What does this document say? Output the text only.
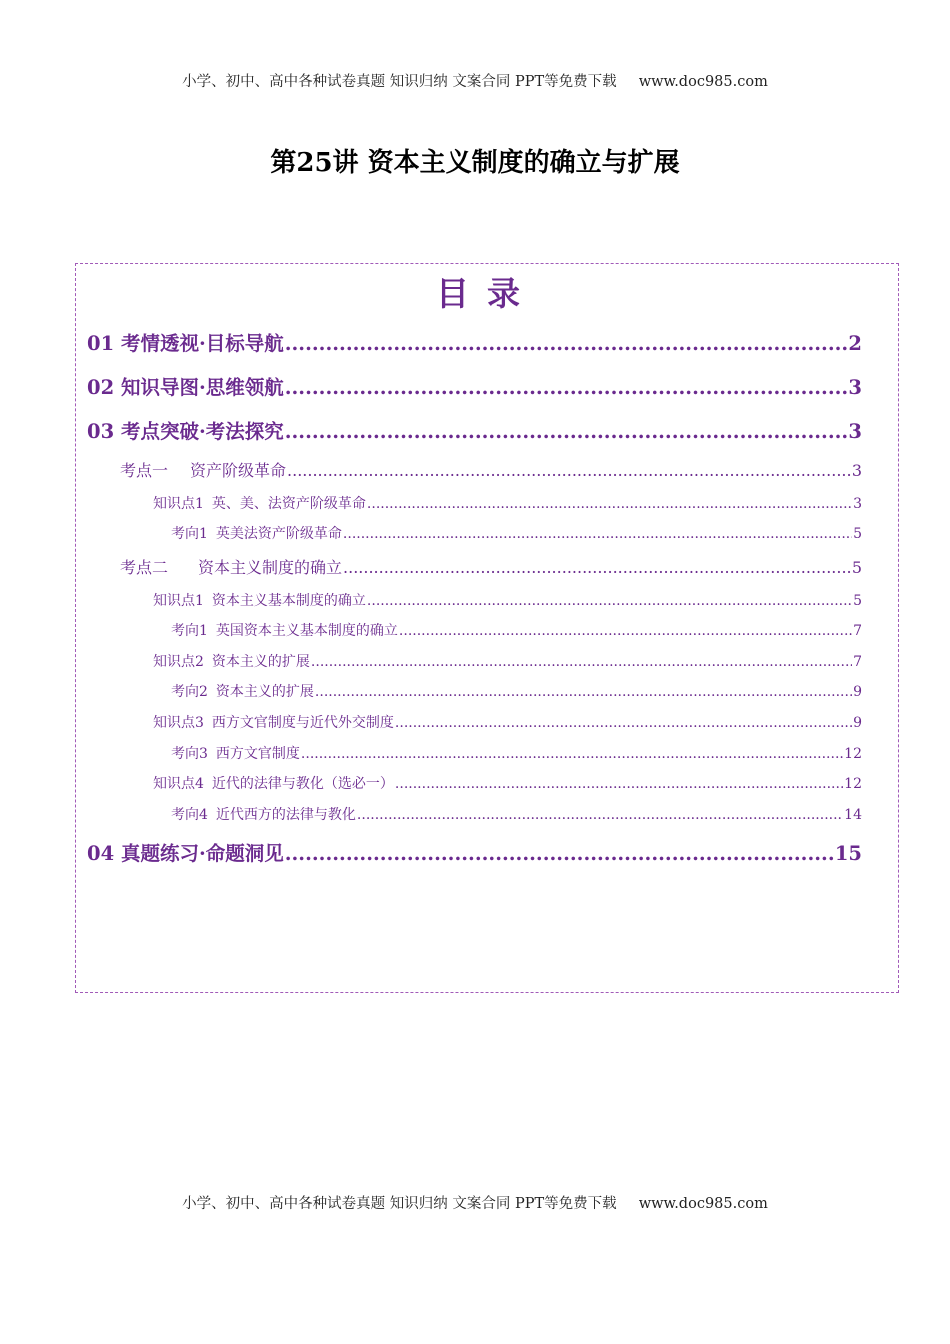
小学、初中、高中各种试卷真题 知识归纳 文案合同 PPT等免费下载 www.doc985.com
第25讲 资本主义制度的确立与扩展
目录
01 考情透视·目标导航 .....	2
02 知识导图·思维领航 .....	3
03 考点突破·考法探究 .....	3
考点一 资产阶级革命 .....	3
知识点1 英、美、法资产阶级革命 .....	3
考向1 英美法资产阶级革命 .....	5
考点二 资本主义制度的确立 .....	5
知识点1 资本主义基本制度的确立 .....	5
考向1 英国资本主义基本制度的确立 .....	7
知识点2 资本主义的扩展 .....	7
考向2 资本主义的扩展 .....	9
知识点3 西方文官制度与近代外交制度 .....	9
考向3 西方文官制度 .....	12
知识点4 近代的法律与教化（选必一） .....	12
考向4 近代西方的法律与教化 .....	14
04 真题练习·命题洞见 .....	15
小学、初中、高中各种试卷真题 知识归纳 文案合同 PPT等免费下载 www.doc985.com
